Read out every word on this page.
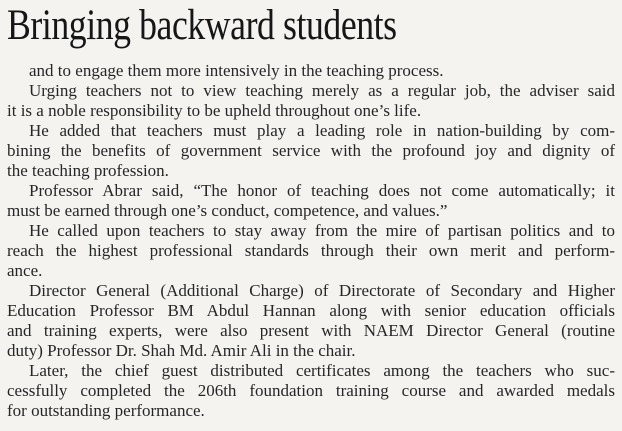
Bringing backward students

and to engage them more intensively in the teaching process.

Urging teachers not to view teaching merely as a regular job, the adviser said
it is a noble responsibility to be upheld throughout one’s life.

He added that teachers must play a leading role in nation-building by com-
bining the benefits of government service with the profound joy and dignity of
the teaching profession.

Professor Abrar said, “The honor of teaching does not come automatically; it
must be earned through one’s conduct, competence, and values.”

He called upon teachers to stay away from the mire of partisan politics and to
reach the highest professional standards through their own merit and perform-
ance.

Director General (Additional Charge) of Directorate of Secondary and Higher
Education Professor BM Abdul Hannan along with senior education officials
and training experts, were also present with NAEM Director General (routine
duty) Professor Dr. Shah Md. Amir Ali in the chair.

Later, the chief guest distributed certificates among the teachers who suc-
cessfully completed the 206th foundation training course and awarded medals
for outstanding performance.
